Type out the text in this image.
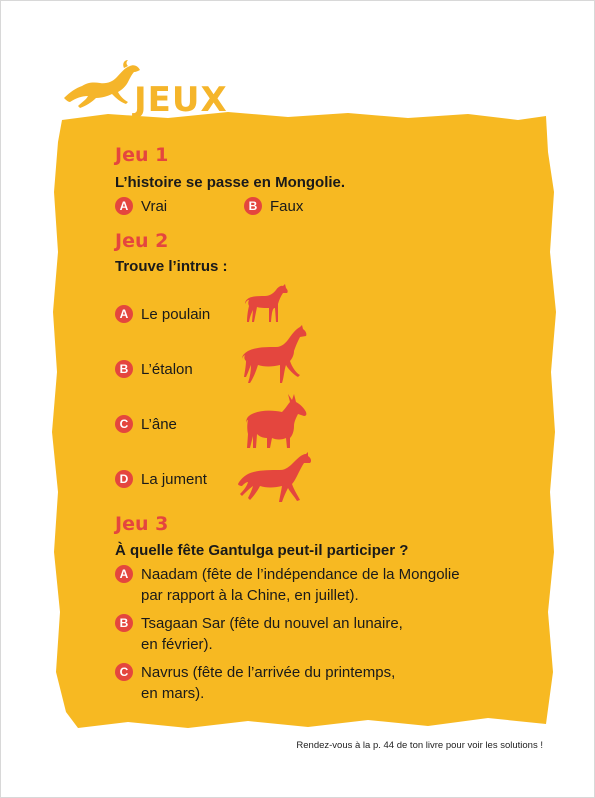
JEUX
Jeu 1
L’histoire se passe en Mongolie.
A Vrai	B Faux
Jeu 2
Trouve l’intrus :
A Le poulain
B L’étalon
C L’âne
D La jument
Jeu 3
À quelle fête Gantulga peut-il participer ?
A Naadam (fête de l’indépendance de la Mongolie
par rapport à la Chine, en juillet).
B Tsagaan Sar (fête du nouvel an lunaire,
en février).
C Navrus (fête de l’arrivée du printemps,
en mars).
Rendez-vous à la p. 44 de ton livre pour voir les solutions !
